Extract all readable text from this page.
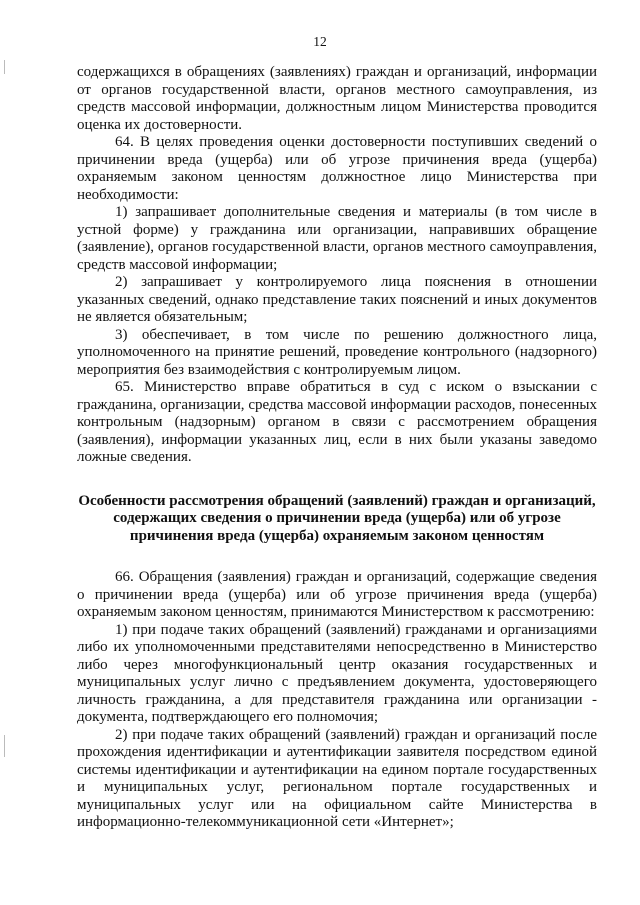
12

содержащихся в обращениях (заявлениях) граждан и организаций, информации от органов государственной власти, органов местного самоуправления, из средств массовой информации, должностным лицом Министерства проводится оценка их достоверности.

64. В целях проведения оценки достоверности поступивших сведений о причинении вреда (ущерба) или об угрозе причинения вреда (ущерба) охраняемым законом ценностям должностное лицо Министерства при необходимости:

1) запрашивает дополнительные сведения и материалы (в том числе в устной форме) у гражданина или организации, направивших обращение (заявление), органов государственной власти, органов местного самоуправления, средств массовой информации;

2) запрашивает у контролируемого лица пояснения в отношении указанных сведений, однако представление таких пояснений и иных документов не является обязательным;

3) обеспечивает, в том числе по решению должностного лица, уполномоченного на принятие решений, проведение контрольного (надзорного) мероприятия без взаимодействия с контролируемым лицом.

65. Министерство вправе обратиться в суд с иском о взыскании с гражданина, организации, средства массовой информации расходов, понесенных контрольным (надзорным) органом в связи с рассмотрением обращения (заявления), информации указанных лиц, если в них были указаны заведомо ложные сведения.

Особенности рассмотрения обращений (заявлений) граждан и организаций, содержащих сведения о причинении вреда (ущерба) или об угрозе причинения вреда (ущерба) охраняемым законом ценностям

66. Обращения (заявления) граждан и организаций, содержащие сведения о причинении вреда (ущерба) или об угрозе причинения вреда (ущерба) охраняемым законом ценностям, принимаются Министерством к рассмотрению:

1) при подаче таких обращений (заявлений) гражданами и организациями либо их уполномоченными представителями непосредственно в Министерство либо через многофункциональный центр оказания государственных и муниципальных услуг лично с предъявлением документа, удостоверяющего личность гражданина, а для представителя гражданина или организации - документа, подтверждающего его полномочия;

2) при подаче таких обращений (заявлений) граждан и организаций после прохождения идентификации и аутентификации заявителя посредством единой системы идентификации и аутентификации на едином портале государственных и муниципальных услуг, региональном портале государственных и муниципальных услуг или на официальном сайте Министерства в информационно-телекоммуникационной сети «Интернет»;
